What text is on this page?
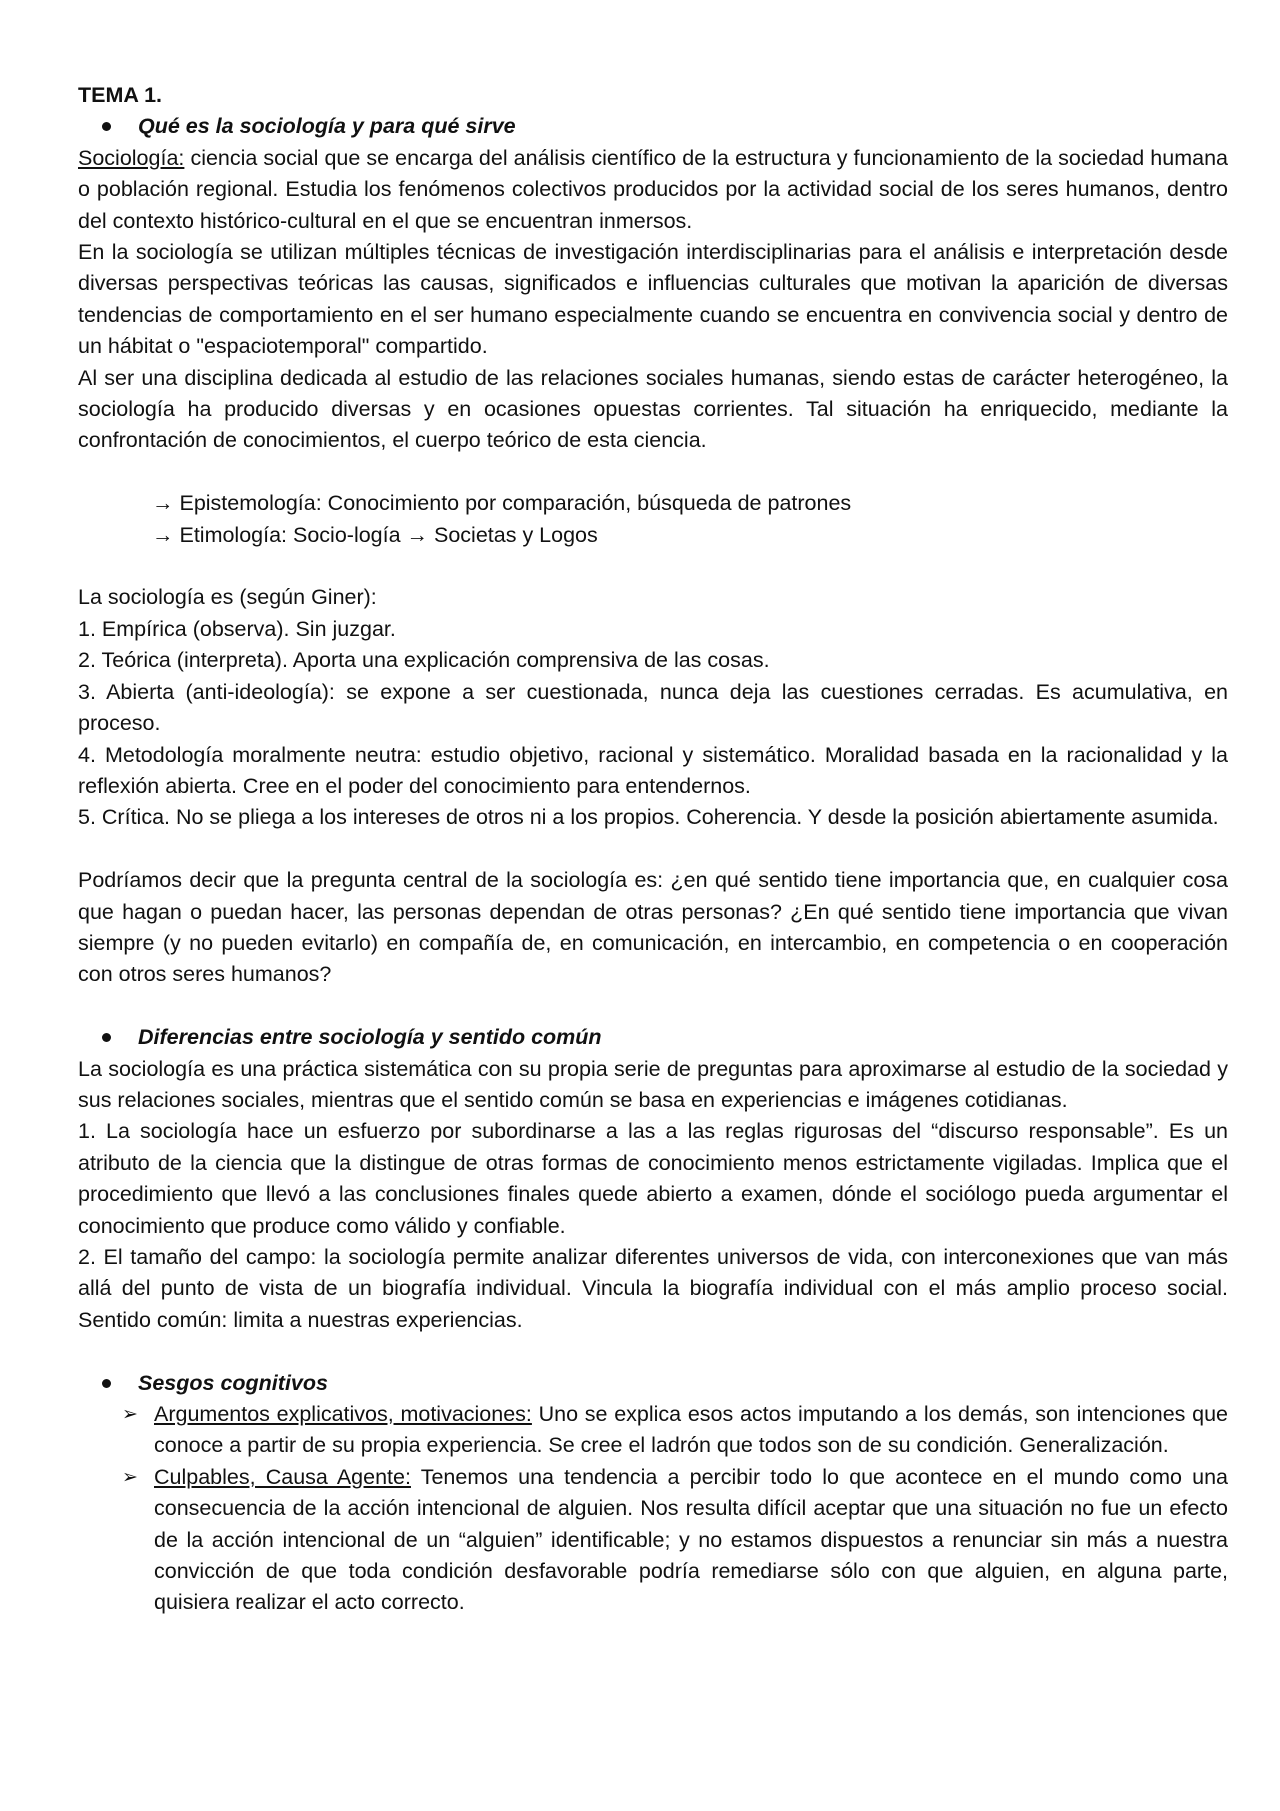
TEMA 1.

Qué es la sociología y para qué sirve

Sociología: ciencia social que se encarga del análisis científico de la estructura y funcionamiento de la sociedad humana o población regional. Estudia los fenómenos colectivos producidos por la actividad social de los seres humanos, dentro del contexto histórico-cultural en el que se encuentran inmersos.

En la sociología se utilizan múltiples técnicas de investigación interdisciplinarias para el análisis e interpretación desde diversas perspectivas teóricas las causas, significados e influencias culturales que motivan la aparición de diversas tendencias de comportamiento en el ser humano especialmente cuando se encuentra en convivencia social y dentro de un hábitat o "espaciotemporal" compartido.

Al ser una disciplina dedicada al estudio de las relaciones sociales humanas, siendo estas de carácter heterogéneo, la sociología ha producido diversas y en ocasiones opuestas corrientes. Tal situación ha enriquecido, mediante la confrontación de conocimientos, el cuerpo teórico de esta ciencia.

→ Epistemología: Conocimiento por comparación, búsqueda de patrones

→ Etimología: Socio-logía → Societas y Logos

La sociología es (según Giner):

1. Empírica (observa). Sin juzgar.

2. Teórica (interpreta). Aporta una explicación comprensiva de las cosas.

3. Abierta (anti-ideología): se expone a ser cuestionada, nunca deja las cuestiones cerradas. Es acumulativa, en proceso.

4. Metodología moralmente neutra: estudio objetivo, racional y sistemático. Moralidad basada en la racionalidad y la reflexión abierta. Cree en el poder del conocimiento para entendernos.

5. Crítica. No se pliega a los intereses de otros ni a los propios. Coherencia. Y desde la posición abiertamente asumida.

Podríamos decir que la pregunta central de la sociología es: ¿en qué sentido tiene importancia que, en cualquier cosa que hagan o puedan hacer, las personas dependan de otras personas? ¿En qué sentido tiene importancia que vivan siempre (y no pueden evitarlo) en compañía de, en comunicación, en intercambio, en competencia o en cooperación con otros seres humanos?

Diferencias entre sociología y sentido común

La sociología es una práctica sistemática con su propia serie de preguntas para aproximarse al estudio de la sociedad y sus relaciones sociales, mientras que el sentido común se basa en experiencias e imágenes cotidianas.

1. La sociología hace un esfuerzo por subordinarse a las a las reglas rigurosas del “discurso responsable”. Es un atributo de la ciencia que la distingue de otras formas de conocimiento menos estrictamente vigiladas. Implica que el procedimiento que llevó a las conclusiones finales quede abierto a examen, dónde el sociólogo pueda argumentar el conocimiento que produce como válido y confiable.

2. El tamaño del campo: la sociología permite analizar diferentes universos de vida, con interconexiones que van más allá del punto de vista de un biografía individual. Vincula la biografía individual con el más amplio proceso social. Sentido común: limita a nuestras experiencias.

Sesgos cognitivos

➢ Argumentos explicativos, motivaciones: Uno se explica esos actos imputando a los demás, son intenciones que conoce a partir de su propia experiencia. Se cree el ladrón que todos son de su condición. Generalización.

➢ Culpables, Causa Agente: Tenemos una tendencia a percibir todo lo que acontece en el mundo como una consecuencia de la acción intencional de alguien. Nos resulta difícil aceptar que una situación no fue un efecto de la acción intencional de un “alguien” identificable; y no estamos dispuestos a renunciar sin más a nuestra convicción de que toda condición desfavorable podría remediarse sólo con que alguien, en alguna parte, quisiera realizar el acto correcto.
